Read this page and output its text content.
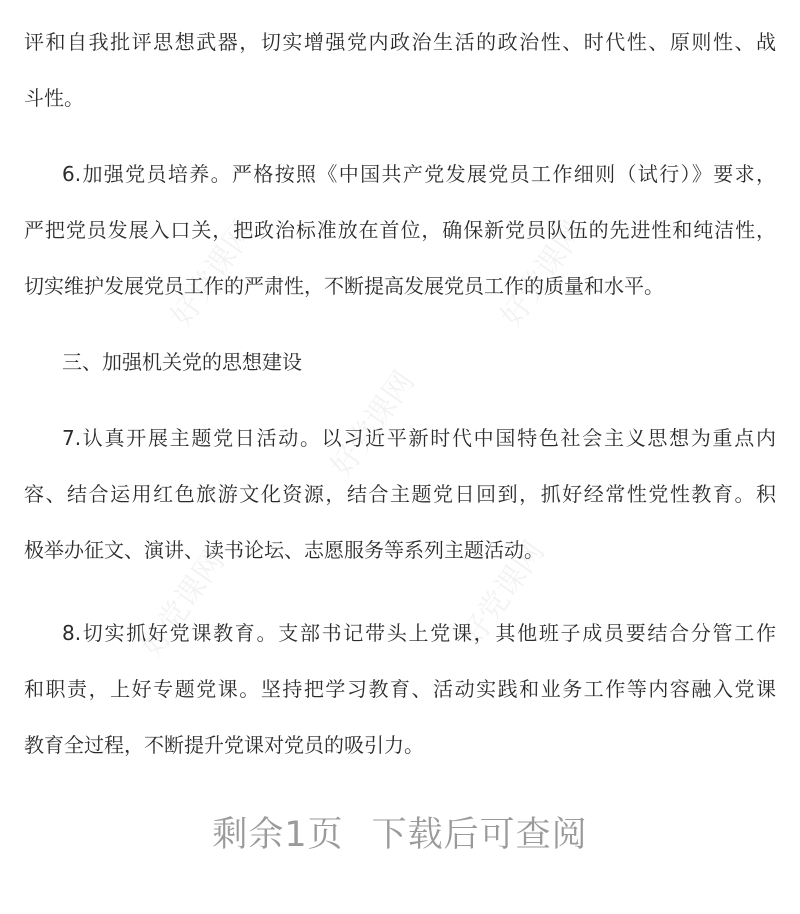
好党课网	好党课网
好党课网
好党课网	好党课网
评和自我批评思想武器，切实增强党内政治生活的政治性、时代性、原则性、战
斗性。
6.加强党员培养。严格按照《中国共产党发展党员工作细则（试行）》要求，
严把党员发展入口关，把政治标准放在首位，确保新党员队伍的先进性和纯洁性，
切实维护发展党员工作的严肃性，不断提高发展党员工作的质量和水平。
三、加强机关党的思想建设
7.认真开展主题党日活动。以习近平新时代中国特色社会主义思想为重点内
容、结合运用红色旅游文化资源，结合主题党日回到，抓好经常性党性教育。积
极举办征文、演讲、读书论坛、志愿服务等系列主题活动。
8.切实抓好党课教育。支部书记带头上党课，其他班子成员要结合分管工作
和职责，上好专题党课。坚持把学习教育、活动实践和业务工作等内容融入党课
教育全过程，不断提升党课对党员的吸引力。
剩余1页 下载后可查阅
